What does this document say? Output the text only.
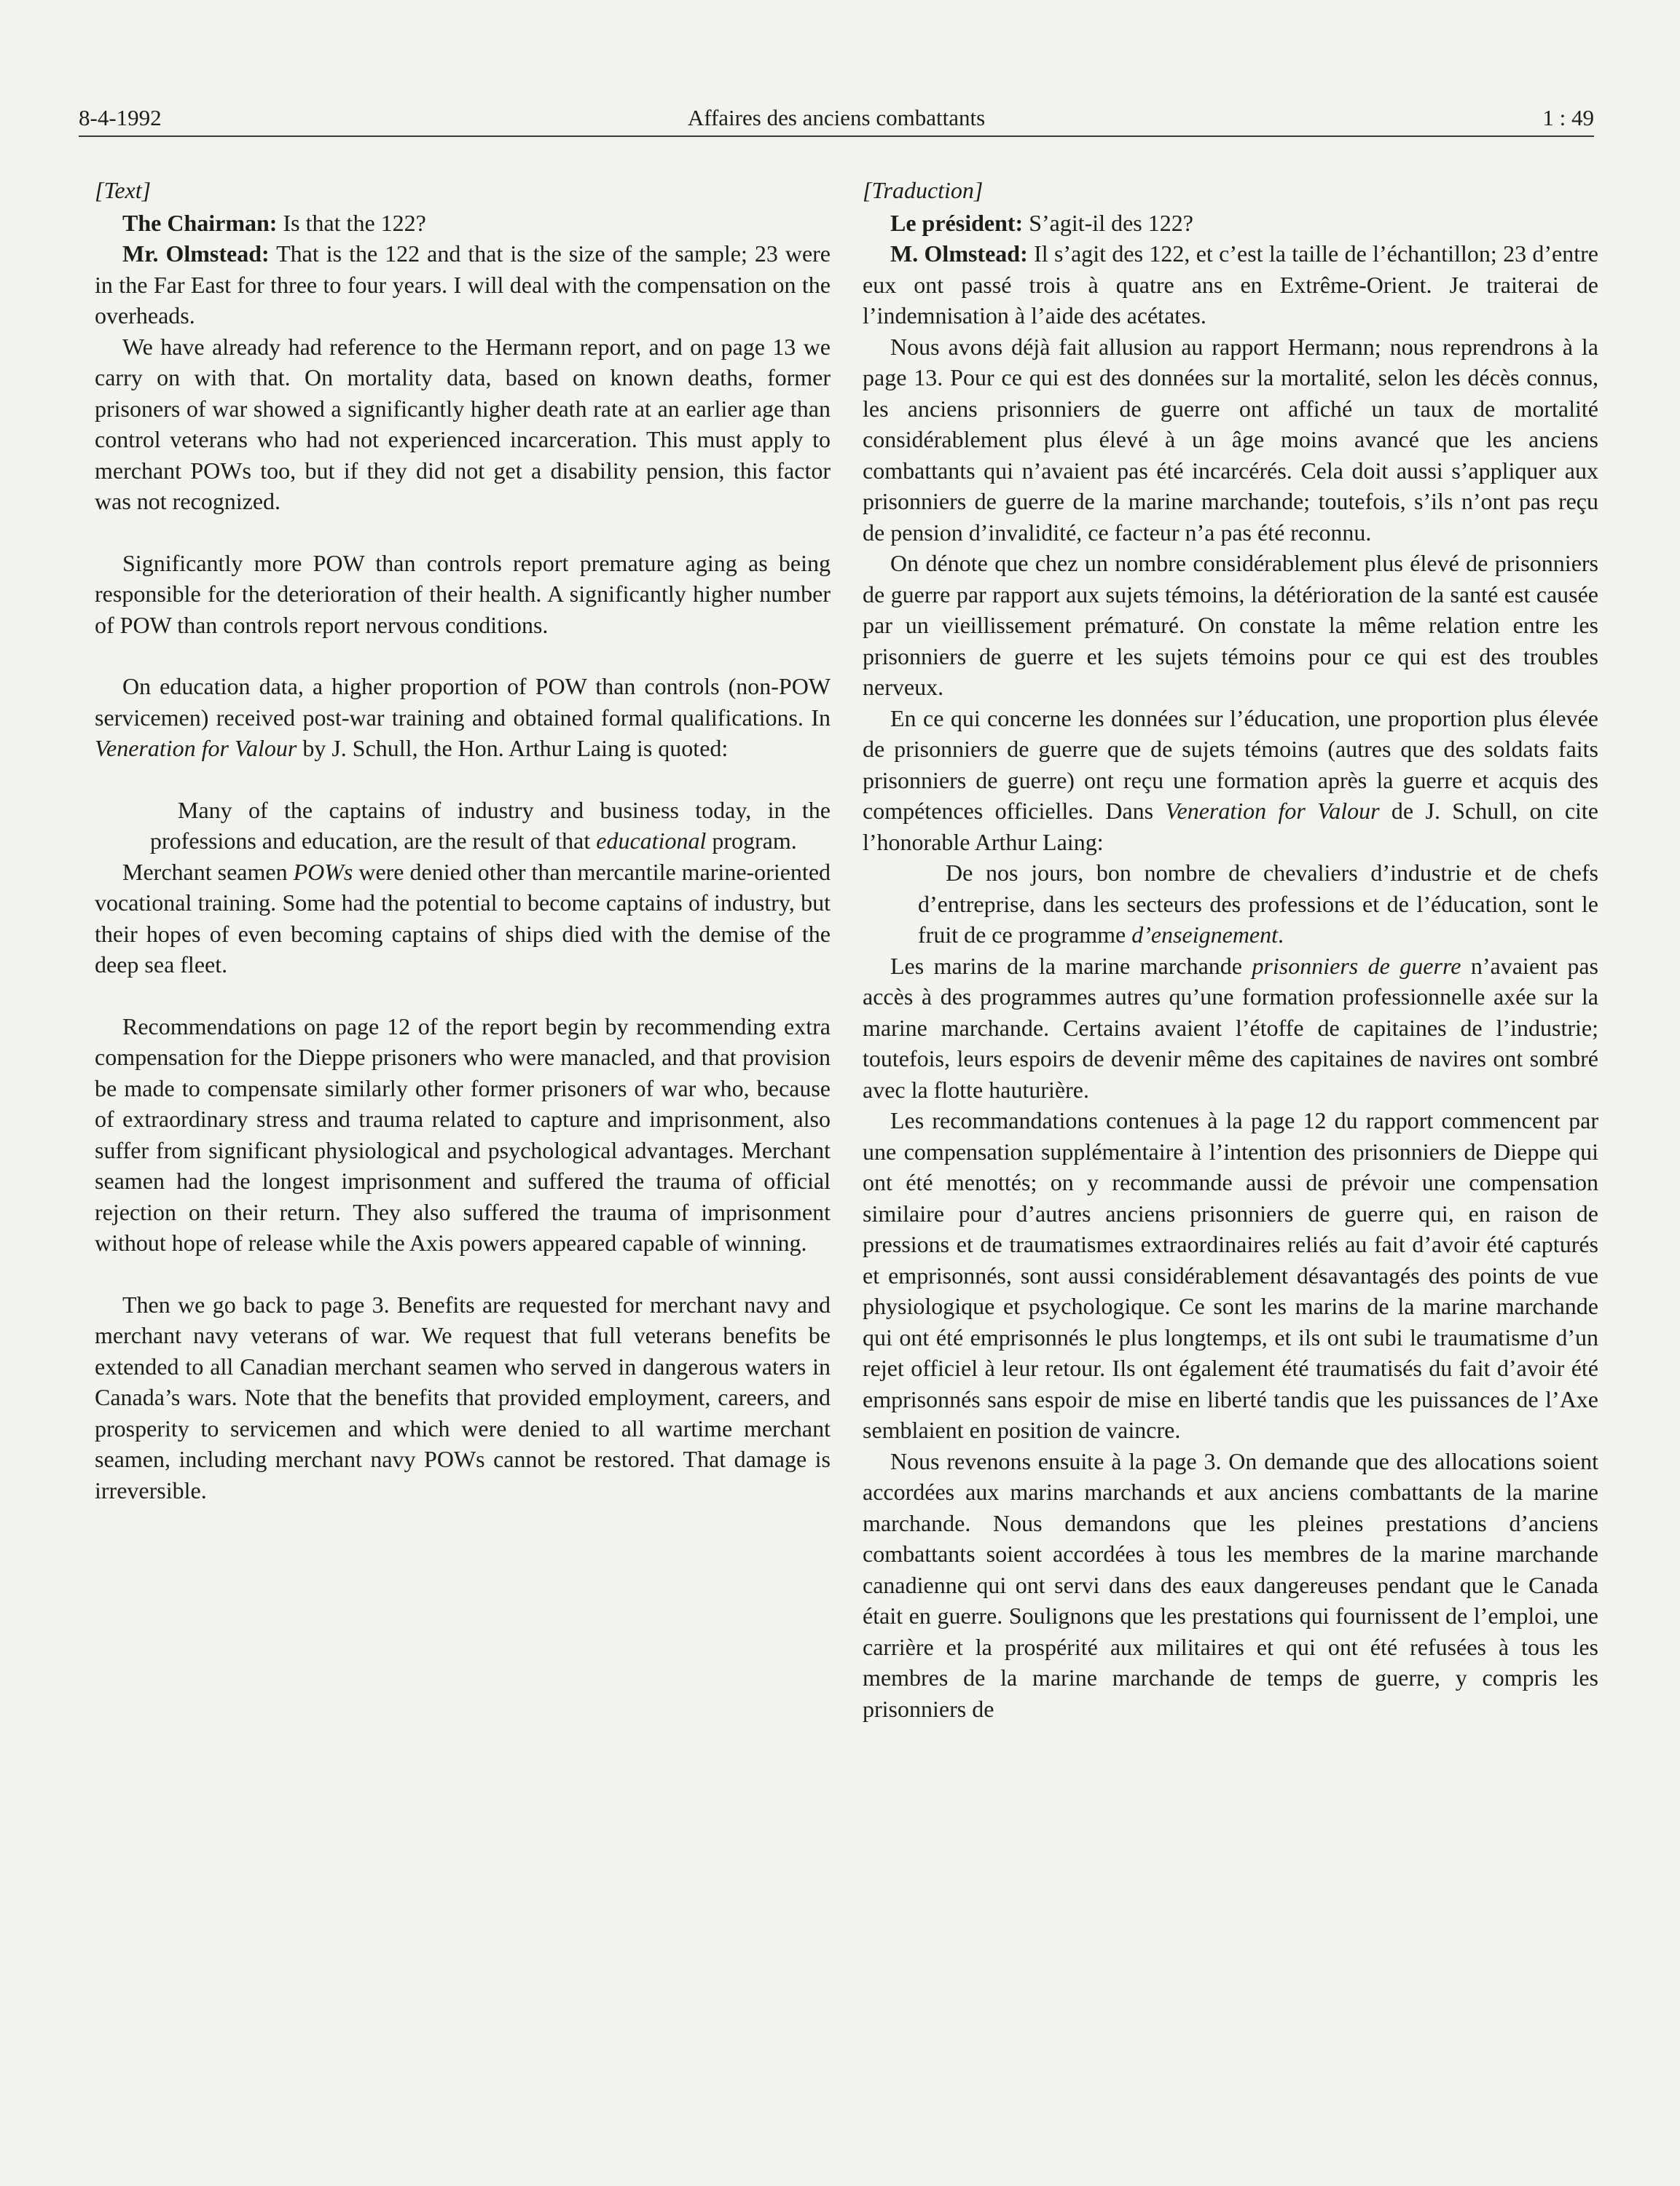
8-4-1992	Affaires des anciens combattants	1 : 49

[Text]

The Chairman: Is that the 122?

Mr. Olmstead: That is the 122 and that is the size of the sample; 23 were in the Far East for three to four years. I will deal with the compensation on the overheads.

We have already had reference to the Hermann report, and on page 13 we carry on with that. On mortality data, based on known deaths, former prisoners of war showed a significantly higher death rate at an earlier age than control veterans who had not experienced incarceration. This must apply to merchant POWs too, but if they did not get a disability pension, this factor was not recognized.

Significantly more POW than controls report premature aging as being responsible for the deterioration of their health. A significantly higher number of POW than controls report nervous conditions.

On education data, a higher proportion of POW than controls (non-POW servicemen) received post-war training and obtained formal qualifications. In Veneration for Valour by J. Schull, the Hon. Arthur Laing is quoted:

Many of the captains of industry and business today, in the professions and education, are the result of that educational program.

Merchant seamen POWs were denied other than mercantile marine-oriented vocational training. Some had the potential to become captains of industry, but their hopes of even becoming captains of ships died with the demise of the deep sea fleet.

Recommendations on page 12 of the report begin by recommending extra compensation for the Dieppe prisoners who were manacled, and that provision be made to compensate similarly other former prisoners of war who, because of extraordinary stress and trauma related to capture and imprisonment, also suffer from significant physiological and psychological advantages. Merchant seamen had the longest imprisonment and suffered the trauma of official rejection on their return. They also suffered the trauma of imprisonment without hope of release while the Axis powers appeared capable of winning.

Then we go back to page 3. Benefits are requested for merchant navy and merchant navy veterans of war. We request that full veterans benefits be extended to all Canadian merchant seamen who served in dangerous waters in Canada’s wars. Note that the benefits that provided employment, careers, and prosperity to servicemen and which were denied to all wartime merchant seamen, including merchant navy POWs cannot be restored. That damage is irreversible.

[Traduction]

Le président: S’agit-il des 122?

M. Olmstead: Il s’agit des 122, et c’est la taille de l’échantillon; 23 d’entre eux ont passé trois à quatre ans en Extrême-Orient. Je traiterai de l’indemnisation à l’aide des acétates.

Nous avons déjà fait allusion au rapport Hermann; nous reprendrons à la page 13. Pour ce qui est des données sur la mortalité, selon les décès connus, les anciens prisonniers de guerre ont affiché un taux de mortalité considérablement plus élevé à un âge moins avancé que les anciens combattants qui n’avaient pas été incarcérés. Cela doit aussi s’appliquer aux prisonniers de guerre de la marine marchande; toutefois, s’ils n’ont pas reçu de pension d’invalidité, ce facteur n’a pas été reconnu.

On dénote que chez un nombre considérablement plus élevé de prisonniers de guerre par rapport aux sujets témoins, la détérioration de la santé est causée par un vieillissement prématuré. On constate la même relation entre les prisonniers de guerre et les sujets témoins pour ce qui est des troubles nerveux.

En ce qui concerne les données sur l’éducation, une proportion plus élevée de prisonniers de guerre que de sujets témoins (autres que des soldats faits prisonniers de guerre) ont reçu une formation après la guerre et acquis des compétences officielles. Dans Veneration for Valour de J. Schull, on cite l’honorable Arthur Laing:

De nos jours, bon nombre de chevaliers d’industrie et de chefs d’entreprise, dans les secteurs des professions et de l’éducation, sont le fruit de ce programme d’enseignement.

Les marins de la marine marchande prisonniers de guerre n’avaient pas accès à des programmes autres qu’une formation professionnelle axée sur la marine marchande. Certains avaient l’étoffe de capitaines de l’industrie; toutefois, leurs espoirs de devenir même des capitaines de navires ont sombré avec la flotte hauturière.

Les recommandations contenues à la page 12 du rapport commencent par une compensation supplémentaire à l’intention des prisonniers de Dieppe qui ont été menottés; on y recommande aussi de prévoir une compensation similaire pour d’autres anciens prisonniers de guerre qui, en raison de pressions et de traumatismes extraordinaires reliés au fait d’avoir été capturés et emprisonnés, sont aussi considérablement désavantagés des points de vue physiologique et psychologique. Ce sont les marins de la marine marchande qui ont été emprisonnés le plus longtemps, et ils ont subi le traumatisme d’un rejet officiel à leur retour. Ils ont également été traumatisés du fait d’avoir été emprisonnés sans espoir de mise en liberté tandis que les puissances de l’Axe semblaient en position de vaincre.

Nous revenons ensuite à la page 3. On demande que des allocations soient accordées aux marins marchands et aux anciens combattants de la marine marchande. Nous demandons que les pleines prestations d’anciens combattants soient accordées à tous les membres de la marine marchande canadienne qui ont servi dans des eaux dangereuses pendant que le Canada était en guerre. Soulignons que les prestations qui fournissent de l’emploi, une carrière et la prospérité aux militaires et qui ont été refusées à tous les membres de la marine marchande de temps de guerre, y compris les prisonniers de
